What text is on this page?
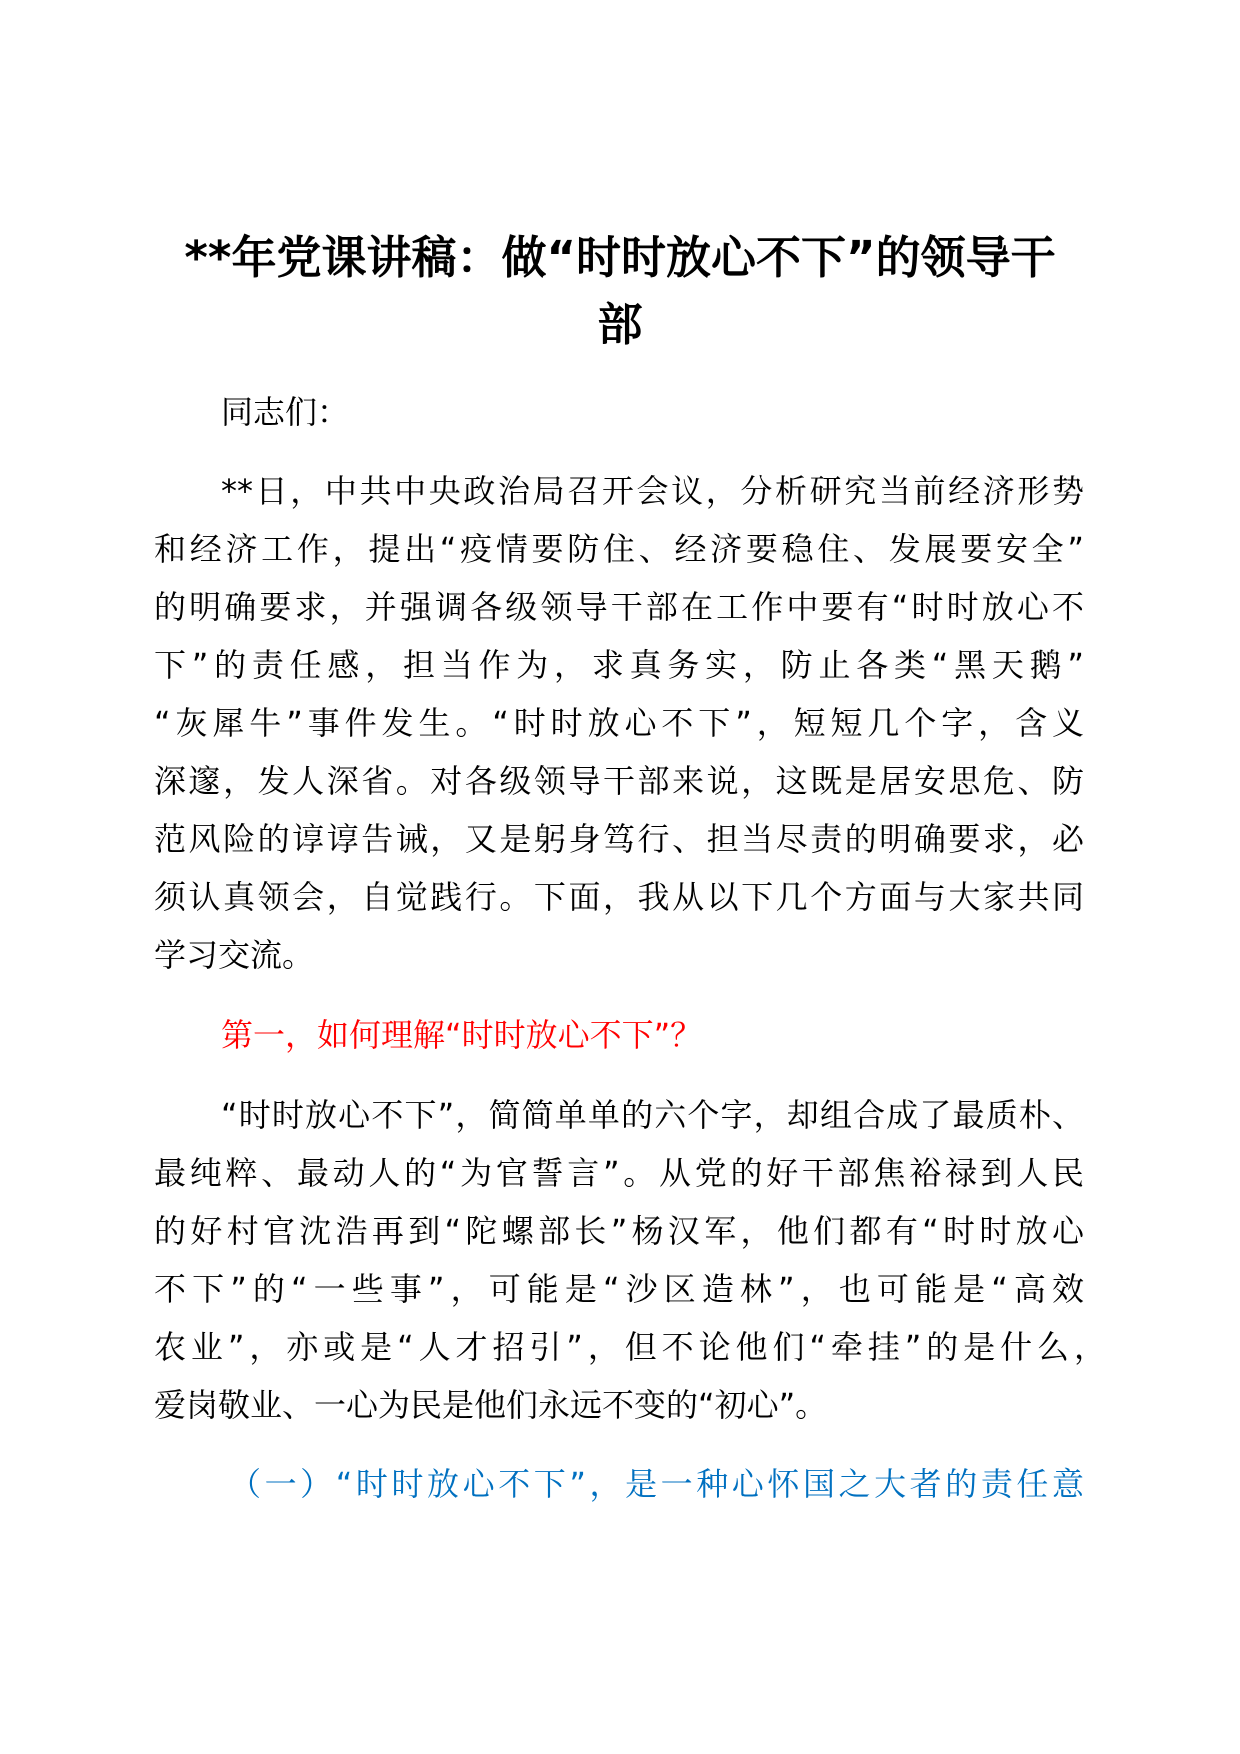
**年党课讲稿：做“时时放心不下”的领导干
部
同志们：
**日，中共中央政治局召开会议，分析研究当前经济形势
和经济工作，提出“疫情要防住、经济要稳住、发展要安全”
的明确要求，并强调各级领导干部在工作中要有“时时放心不
下”的责任感，担当作为，求真务实，防止各类“黑天鹅”
“灰犀牛”事件发生。“时时放心不下”，短短几个字，含义
深邃，发人深省。对各级领导干部来说，这既是居安思危、防
范风险的谆谆告诫，又是躬身笃行、担当尽责的明确要求，必
须认真领会，自觉践行。下面，我从以下几个方面与大家共同
学习交流。
第一，如何理解“时时放心不下”？
“时时放心不下”，简简单单的六个字，却组合成了最质朴、
最纯粹、最动人的“为官誓言”。从党的好干部焦裕禄到人民
的好村官沈浩再到“陀螺部长”杨汉军，他们都有“时时放心
不下”的“一些事”，可能是“沙区造林”，也可能是“高效
农业”，亦或是“人才招引”，但不论他们“牵挂”的是什么，
爱岗敬业、一心为民是他们永远不变的“初心”。
（一）“时时放心不下”，是一种心怀国之大者的责任意
